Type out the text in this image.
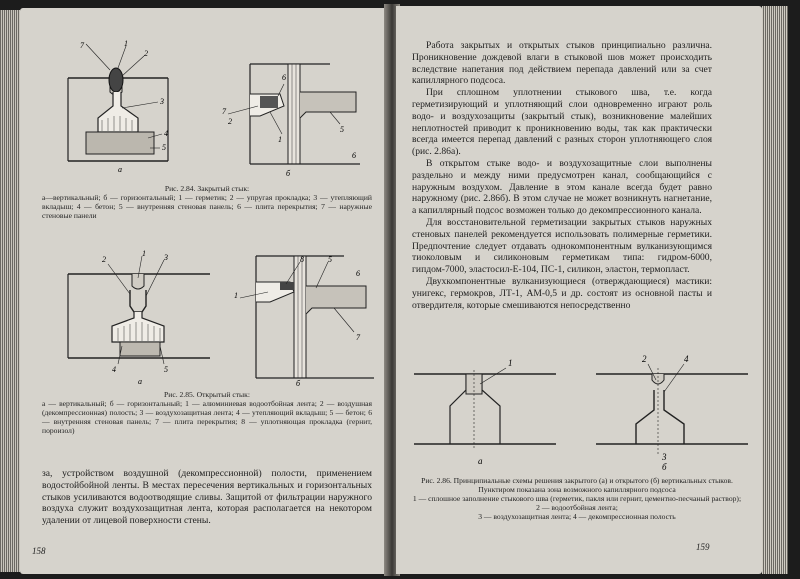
7	1
2
3
4
5
а
6
7
2
1
5
6
б
Рис. 2.84. Закрытый стык:
а—вертикальный; б — горизонтальный; 1 — герметик; 2 — упругая прокладка; 3 — утепляющий вкладыш; 4 — бетон; 5 — внутренняя стеновая панель; 6 — плита перекрытия; 7 — наружные стеновые панели
2
1 3
4	5
а
1
8	5
6
7
б
Рис. 2.85. Открытый стык:
а — вертикальный; б — горизонтальный; 1 — алюминиевая водоотбойная лента; 2 — воздушная (декомпрессионная) полость; 3 — воздухозащитная лента; 4 — утепляющий вкладыш; 5 — бетон; 6 — внутренняя стеновая панель; 7 — плита перекрытия; 8 — уплотняющая прокладка (гернит, пороизол)

за, устройством воздушной (декомпрессионной) полости, применением водостойбойной ленты. В местах пересечения вертикальных и горизонтальных стыков усиливаются водоотводящие сливы. Защитой от фильтрации наружного воздуха служит воздухозащитная лента, которая располагается на некотором удалении от лицевой поверхности стены.

158

Работа закрытых и открытых стыков принципиально различна. Проникновение дождевой влаги в стыковой шов может происходить вследствие напетания под действием перепада давлений или за счет капиллярного подсоса.

При сплошном уплотнении стыкового шва, т.е. когда герметизирующий и уплотняющий слои одновременно играют роль водо- и воздухозащиты (закрытый стык), возникновение малейших неплотностей приводит к проникновению воды, так как практически всегда имеется перепад давлений с разных сторон уплотняющего слоя (рис. 2.86а).

В открытом стыке водо- и воздухозащитные слои выполнены раздельно и между ними предусмотрен канал, сообщающийся с наружным воздухом. Давление в этом канале всегда будет равно наружному (рис. 2.86б). В этом случае не может возникнуть нагнетание, а капиллярный подсос возможен только до декомпрессионного канала.

Для восстановительной герметизации закрытых стыков наружных стеновых панелей рекомендуется использовать полимерные герметики. Предпочтение следует отдавать однокомпонентным вулканизующимся тиоколовым и силиконовым герметикам типа: гидром-6000, гипдом-7000, эластосил-Е-104, ПС-1, силикон, эластон, термопласт.

Двухкомпонентные вулканизующиеся (отверждающиеся) мастики: унигекс, гермокров, ЛТ-1, АМ-0,5 и др. состоят из основной пасты и отвердителя, которые смешиваются непосредственно

1
а
2	4
3
б
Рис. 2.86. Принципиальные схемы решения закрытого (а) и открытого (б) вертикальных стыков.
Пунктиром показана зона возможного капиллярного подсоса
1 — сплошное заполнение стыкового шва (герметик, пакля или гернит, цементно-песчаный раствор); 2 — водоотбойная лента;
3 — воздухозащитная лента; 4 — декомпрессионная полость
159
